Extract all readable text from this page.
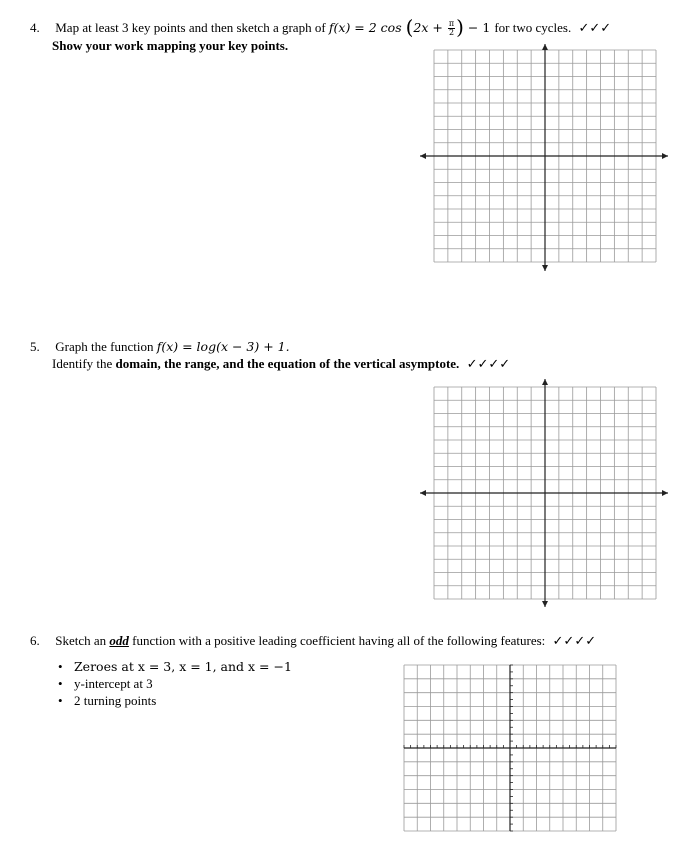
4. Map at least 3 key points and then sketch a graph of f(x) = 2 $\cos (2x + \frac{\pi}{2}$ ) − 1 for two cycles. ✓✓✓
Show your work mapping your key points.
5. Graph the function f(x) = log(x − 3) + 1.
Identify the domain, the range, and the equation of the vertical asymptote. ✓✓✓✓
6. Sketch an odd function with a positive leading coefficient having all of the following features: ✓✓✓✓
• Zeroes at x = 3, x = 1, and x = −1
• y-intercept at 3
• 2 turning points
